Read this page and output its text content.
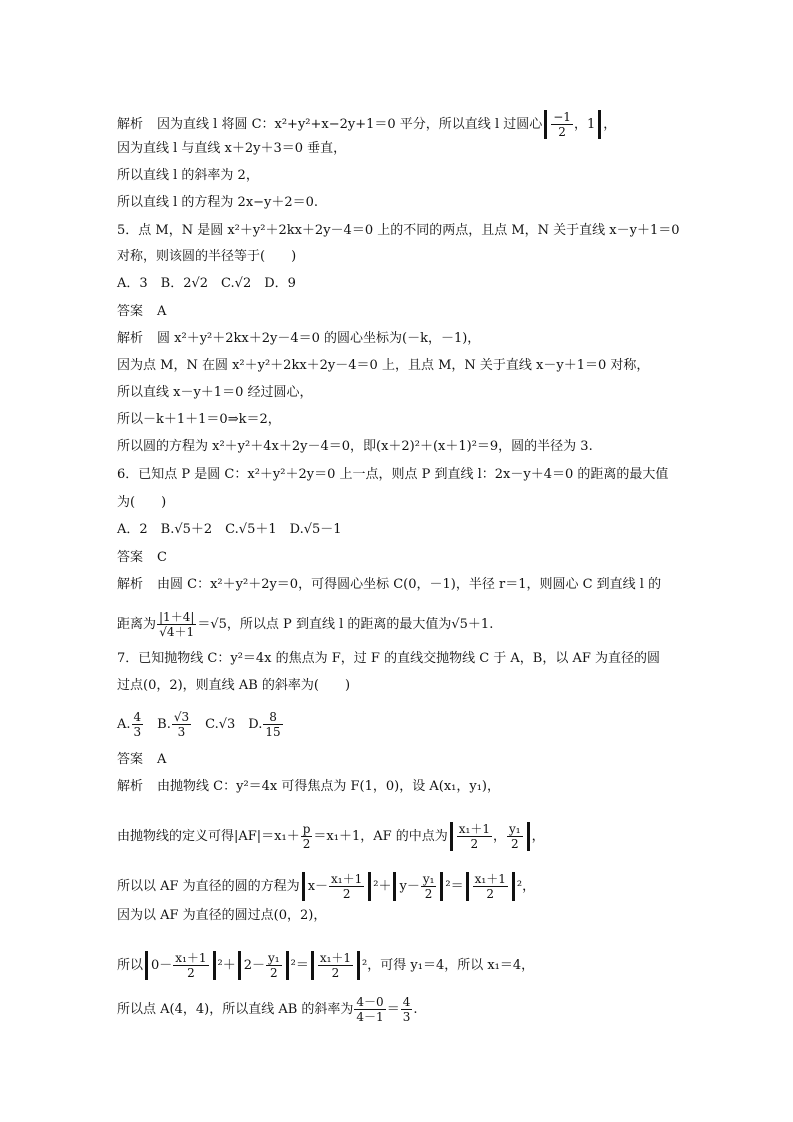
解析 因为直线 l 将圆 C：x²+y²+x−2y+1＝0 平分，所以直线 l 过圆心 $\frac{-1}{2}$ ，1 ，
因为直线 l 与直线 x＋2y＋3＝0 垂直，
所以直线 l 的斜率为 2，
所以直线 l 的方程为 2x−y＋2＝0.
5．点 M，N 是圆 x²＋y²＋2kx＋2y－4＝0 上的不同的两点，且点 M，N 关于直线 x－y＋1＝0
对称，则该圆的半径等于(　　)
A．3　B．2√2　C.√2　D．9
答案 A
解析 圆 x²＋y²＋2kx＋2y－4＝0 的圆心坐标为(－k，－1)，
因为点 M，N 在圆 x²＋y²＋2kx＋2y－4＝0 上，且点 M，N 关于直线 x－y＋1＝0 对称，
所以直线 x－y＋1＝0 经过圆心，
所以－k＋1＋1＝0⇒k＝2，
所以圆的方程为 x²＋y²＋4x＋2y－4＝0，即(x＋2)²＋(x＋1)²＝9，圆的半径为 3.
6．已知点 P 是圆 C：x²＋y²＋2y＝0 上一点，则点 P 到直线 l：2x－y＋4＝0 的距离的最大值
为(　　)
A．2　B.√5＋2　C.√5＋1　D.√5－1
答案 C
解析 由圆 C：x²＋y²＋2y＝0，可得圆心坐标 C(0，－1)，半径 r＝1，则圆心 C 到直线 l 的
距离为 $\frac{|1+4|}{√4+1} =√5$，所以点 P 到直线 l 的距离的最大值为√5＋1.
7．已知抛物线 C：y²＝4x 的焦点为 F，过 F 的直线交抛物线 C 于 A，B，以 AF 为直径的圆
过点(0，2)，则直线 AB 的斜率为(　　)
A. $\frac{4}{3}$ 　B. $\frac{√3}{3}$ 　C.√3　D. $\frac{8}{15}$
答案 A
解析 由抛物线 C：y²＝4x 可得焦点为 F(1，0)，设 A(x₁，y₁)，
由抛物线的定义可得$|AF|=x_1+ \frac{p}{2} =x_1+1$，AF 的中点为 $\frac{\text{x₁＋1}}{2}$ ， $\frac{\text{y₁}}{2}$ ，
所以以 AF 为直径的圆的方程为 $x- \frac{\text{x₁＋1}}{2} ^2+ y- \frac{\text{y₁}}{2} ^2= \frac{\text{x₁＋1}}{2} ^2$，
因为以 AF 为直径的圆过点(0，2)，
所以 $0- \frac{\text{x₁＋1}}{2} ^2+ 2- \frac{\text{y₁}}{2} ^2= \frac{\text{x₁＋1}}{2} ^2$，可得 y₁＝4，所以 x₁＝4，
所以点 A(4，4)，所以直线 AB 的斜率为 $\frac{4-0}{4-1} = \frac{4}{3}$ .
